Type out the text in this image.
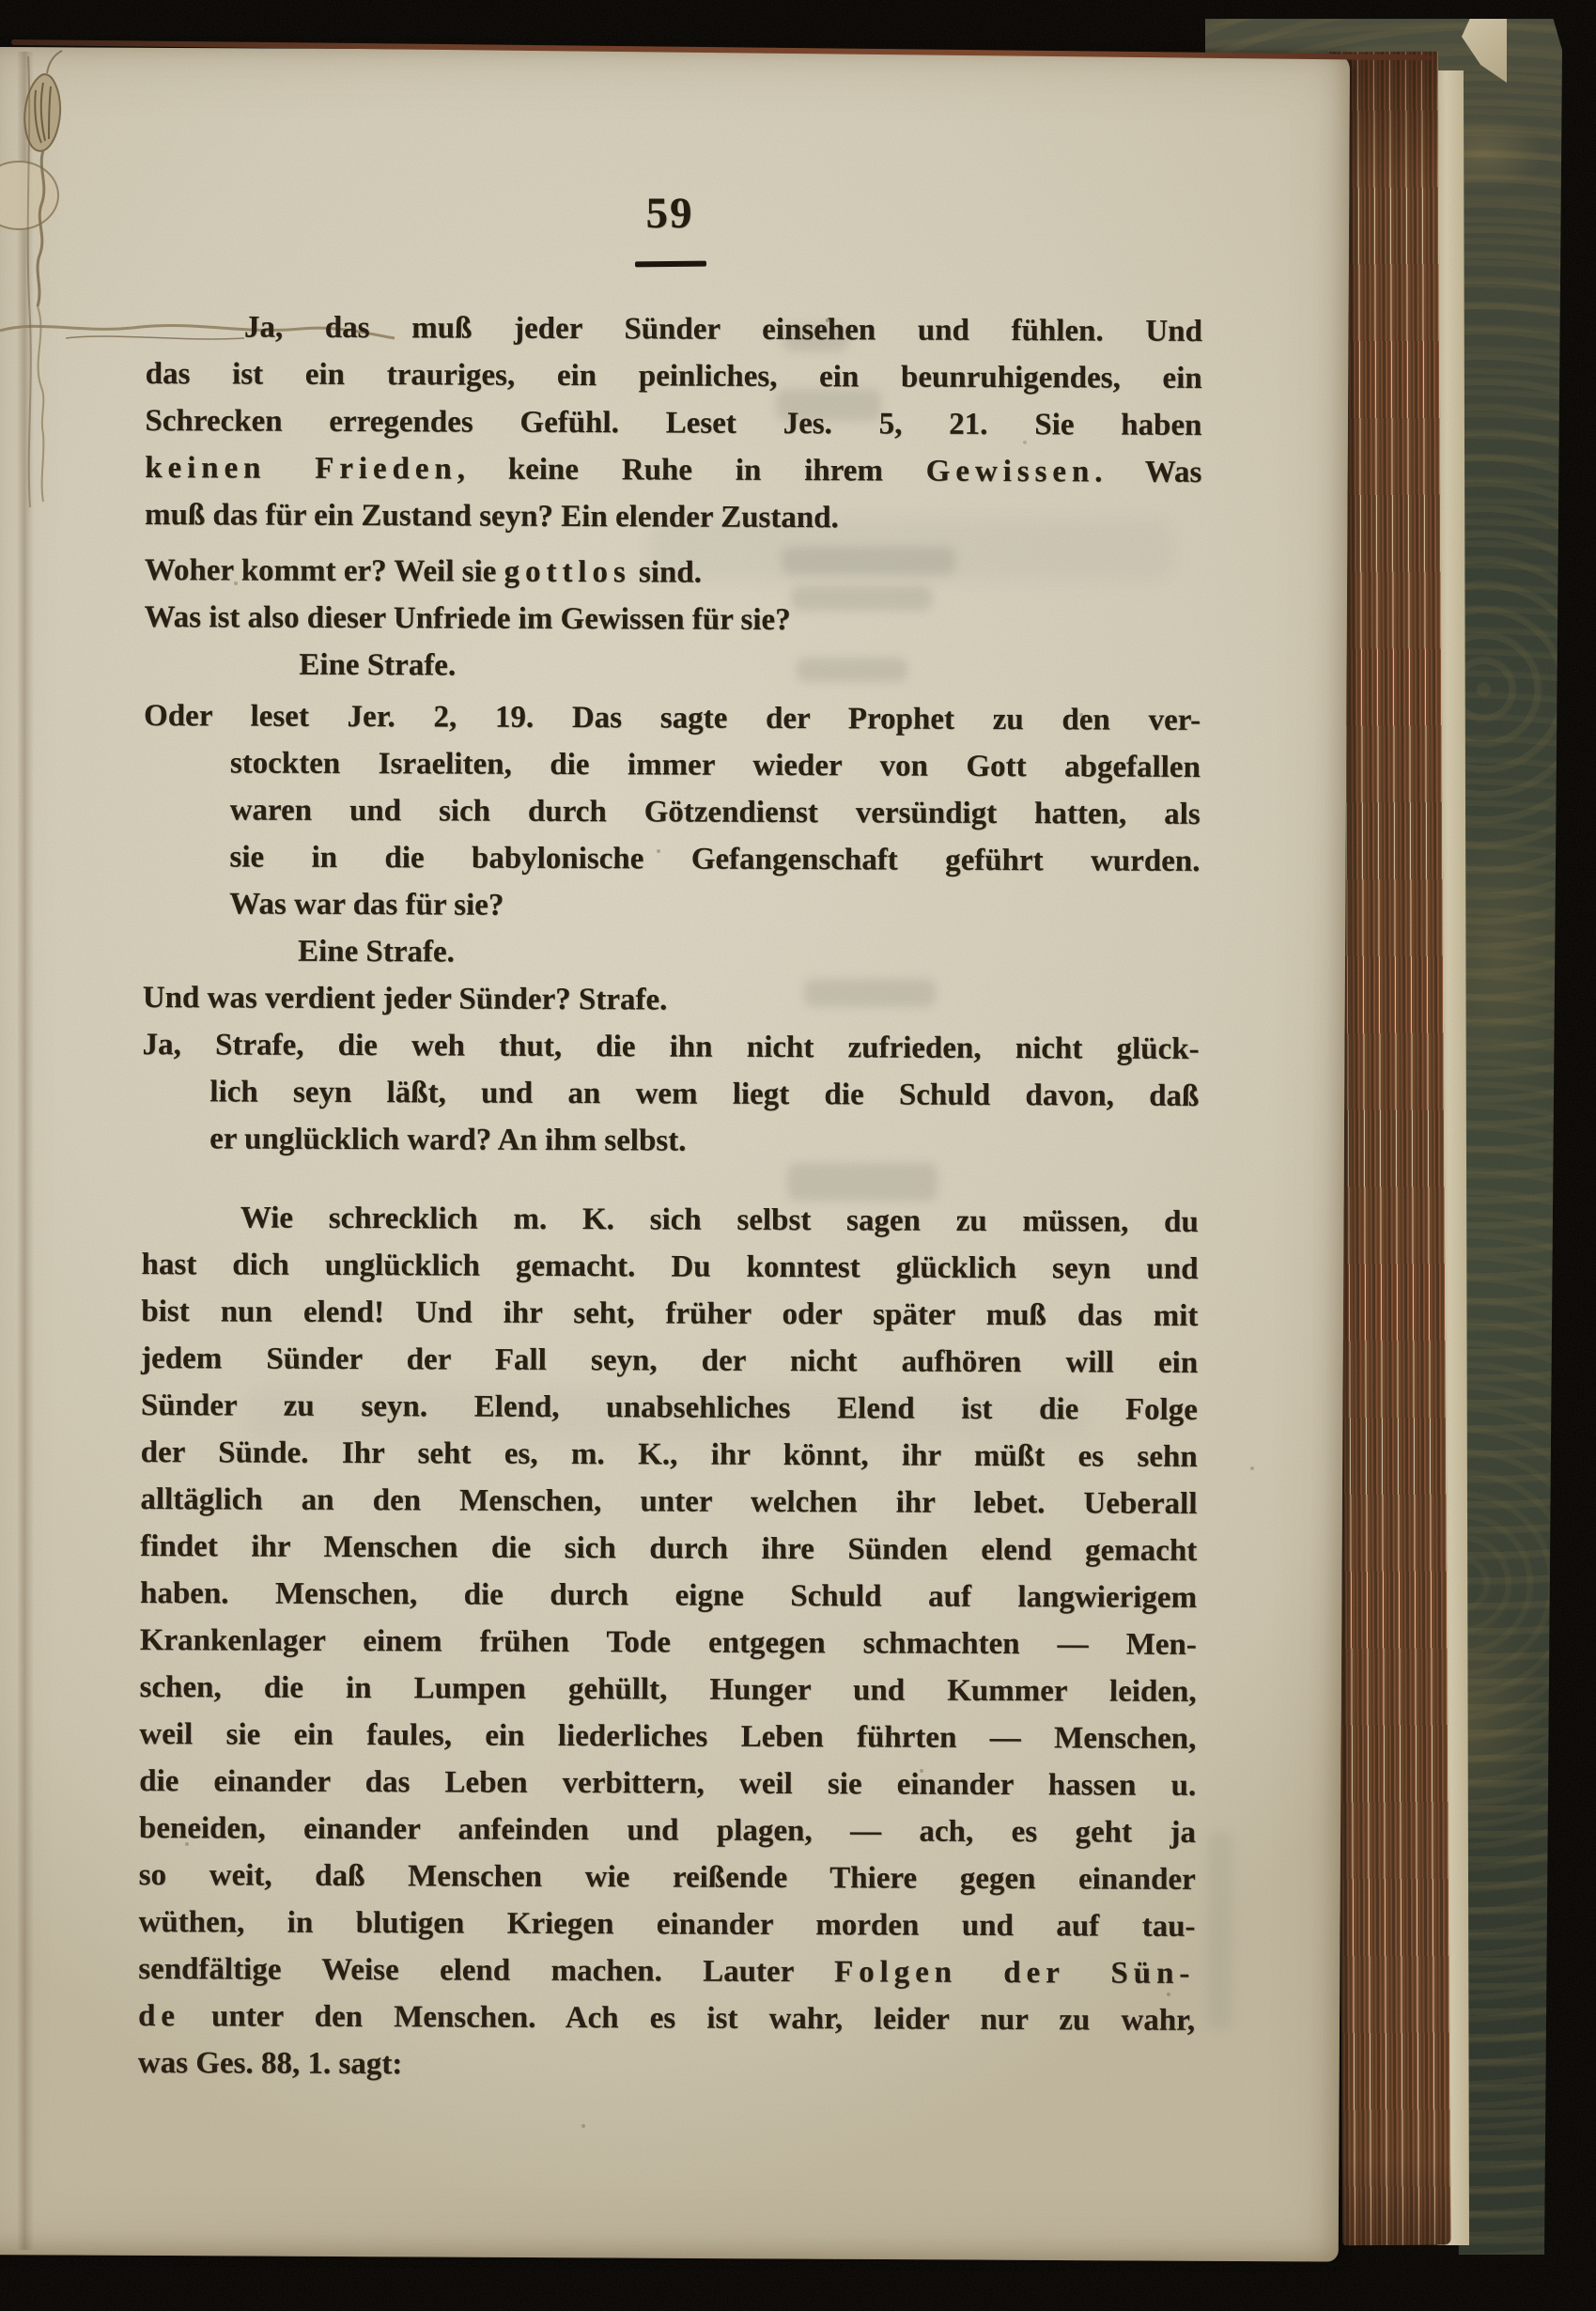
59
Ja, das muß jeder Sünder einsehen und fühlen. Und
das ist ein trauriges, ein peinliches, ein beunruhigendes, ein
Schrecken erregendes Gefühl. Leset Jes. 5, 21. Sie haben
keinen Frieden, keine Ruhe in ihrem Gewissen. Was
muß das für ein Zustand seyn? Ein elender Zustand.
Woher kommt er? Weil sie gottlos sind.
Was ist also dieser Unfriede im Gewissen für sie?
Eine Strafe.
Oder leset Jer. 2, 19. Das sagte der Prophet zu den ver-
stockten Israeliten, die immer wieder von Gott abgefallen
waren und sich durch Götzendienst versündigt hatten, als
sie in die babylonische Gefangenschaft geführt wurden.
Was war das für sie?
Eine Strafe.
Und was verdient jeder Sünder? Strafe.
Ja, Strafe, die weh thut, die ihn nicht zufrieden, nicht glück-
lich seyn läßt, und an wem liegt die Schuld davon, daß
er unglücklich ward? An ihm selbst.
Wie schrecklich m. K. sich selbst sagen zu müssen, du
hast dich unglücklich gemacht. Du konntest glücklich seyn und
bist nun elend! Und ihr seht, früher oder später muß das mit
jedem Sünder der Fall seyn, der nicht aufhören will ein
Sünder zu seyn. Elend, unabsehliches Elend ist die Folge
der Sünde. Ihr seht es, m. K., ihr könnt, ihr müßt es sehn
alltäglich an den Menschen, unter welchen ihr lebet. Ueberall
findet ihr Menschen die sich durch ihre Sünden elend gemacht
haben. Menschen, die durch eigne Schuld auf langwierigem
Krankenlager einem frühen Tode entgegen schmachten — Men-
schen, die in Lumpen gehüllt, Hunger und Kummer leiden,
weil sie ein faules, ein liederliches Leben führten — Menschen,
die einander das Leben verbittern, weil sie einander hassen u.
beneiden, einander anfeinden und plagen, — ach, es geht ja
so weit, daß Menschen wie reißende Thiere gegen einander
wüthen, in blutigen Kriegen einander morden und auf tau-
sendfältige Weise elend machen. Lauter Folgen der Sün-
de unter den Menschen. Ach es ist wahr, leider nur zu wahr,
was Ges. 88, 1. sagt:
